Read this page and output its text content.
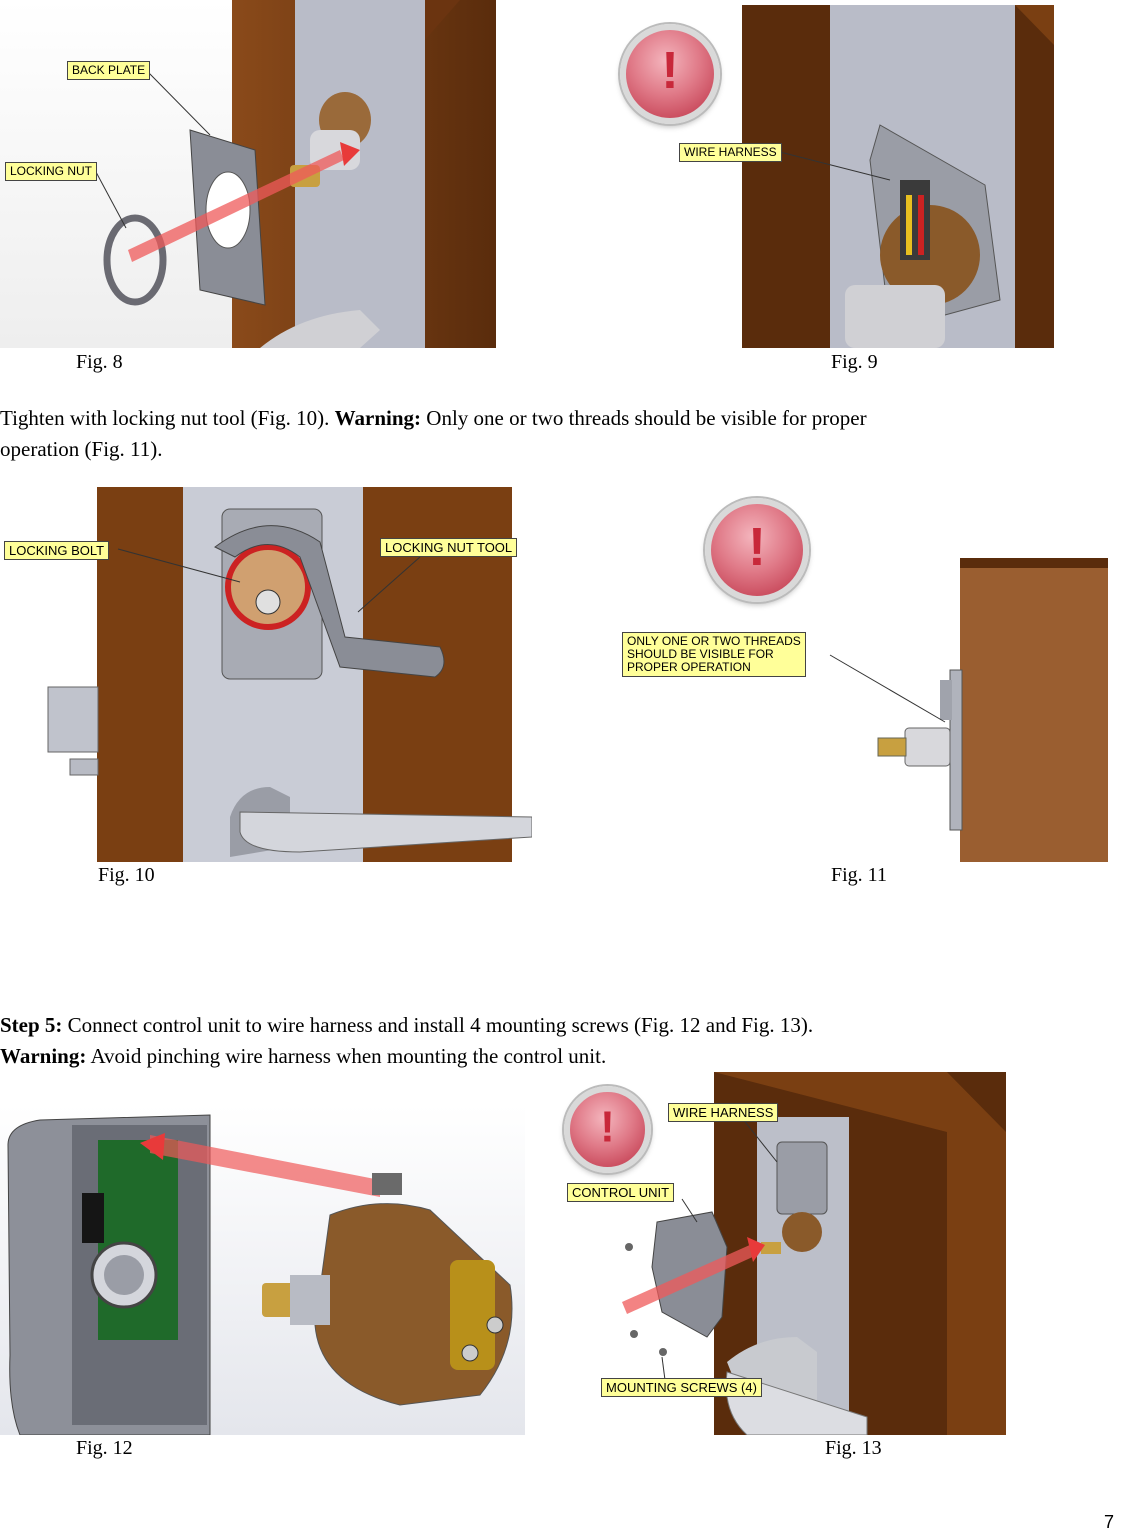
BACK PLATE
LOCKING NUT
Fig. 8
!
WIRE HARNESS
Fig. 9
Tighten with locking nut tool (Fig. 10). Warning: Only one or two threads should be visible for proper
operation (Fig. 11).
LOCKING BOLT	LOCKING NUT TOOL
Fig. 10
!
ONLY ONE OR TWO THREADS
SHOULD BE VISIBLE FOR
PROPER OPERATION
Fig. 11
Step 5: Connect control unit to wire harness and install 4 mounting screws (Fig. 12 and Fig. 13).
Warning: Avoid pinching wire harness when mounting the control unit.
Fig. 12
!	WIRE HARNESS
CONTROL UNIT
MOUNTING SCREWS (4)
Fig. 13
7
